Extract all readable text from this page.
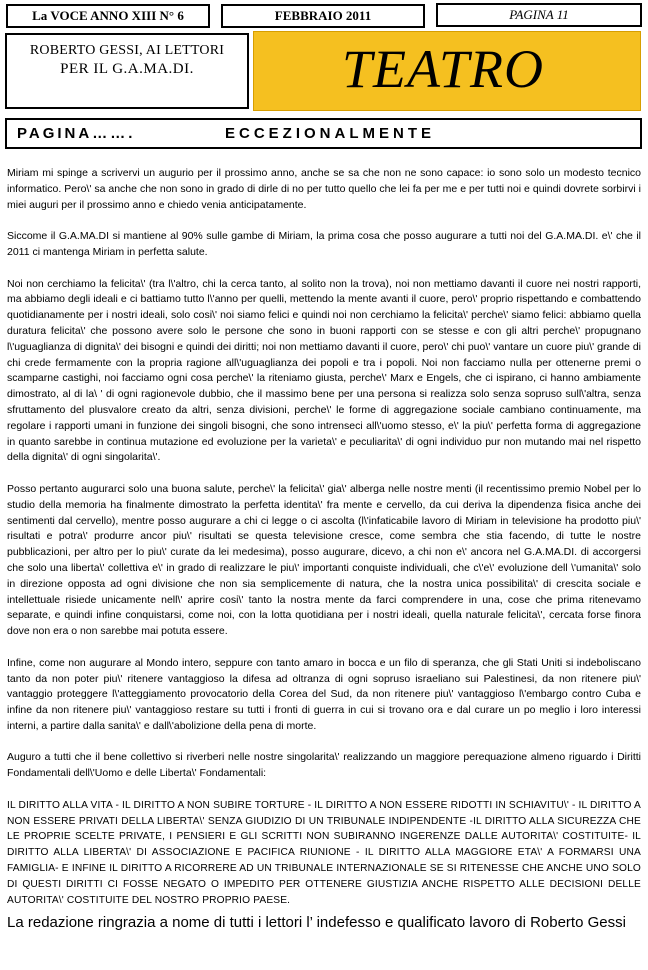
La VOCE ANNO XIII N° 6	FEBBRAIO 2011	PAGINA 11
ROBERTO GESSI, AI LETTORI
PER IL G.A.MA.DI.	TEATRO
PAGINA…….	ECCEZIONALMENTE

Miriam mi spinge a scrivervi un augurio per il prossimo anno, anche se sa che non ne sono capace: io sono solo un modesto tecnico informatico. Pero\' sa anche che non sono in grado di dirle di no per tutto quello che lei fa per me e per tutti noi e quindi dovrete sorbirvi i miei auguri per il prossimo anno e chiedo venia anticipatamente.

Siccome il G.A.MA.DI si mantiene al 90% sulle gambe di Miriam, la prima cosa che posso augurare a tutti noi del G.A.MA.DI. e\' che il 2011 ci mantenga Miriam in perfetta salute.

Noi non cerchiamo la felicita\' (tra l\'altro, chi la cerca tanto, al solito non la trova), noi non mettiamo davanti il cuore nei nostri rapporti, ma abbiamo degli ideali e ci battiamo tutto l\'anno per quelli, mettendo la mente avanti il cuore, pero\' proprio rispettando e combattendo quotidianamente per i nostri ideali, solo cosi\' noi siamo felici e quindi noi non cerchiamo la felicita\' perche\' siamo felici: abbiamo quella duratura felicita\' che possono avere solo le persone che sono in buoni rapporti con se stesse e con gli altri perche\' propugnano l\'uguaglianza di dignita\' dei bisogni e quindi dei diritti; noi non mettiamo davanti il cuore, pero\' chi puo\' vantare un cuore piu\' grande di chi crede fermamente con la propria ragione all\'uguaglianza dei popoli e tra i popoli. Noi non facciamo nulla per ottenerne premi o scamparne castighi, noi facciamo ogni cosa perche\' la riteniamo giusta, perche\' Marx e Engels, che ci ispirano, ci hanno ambiamente dimostrato, al di la\ ' di ogni ragionevole dubbio, che il massimo bene per una persona si realizza solo senza sopruso sull\'altra, senza sfruttamento del plusvalore creato da altri, senza divisioni, perche\' le forme di aggregazione sociale cambiano continuamente, ma regolare i rapporti umani in funzione dei singoli bisogni, che sono intrenseci all\'uomo stesso, e\' la piu\' perfetta forma di aggregazione in quanto sarebbe in continua mutazione ed evoluzione per la varieta\' e peculiarita\' di ogni individuo pur non mutando mai nel rispetto della dignita\' di ogni singolarita\'.

Posso pertanto augurarci solo una buona salute, perche\' la felicita\' gia\' alberga nelle nostre menti (il recentissimo premio Nobel per lo studio della memoria ha finalmente dimostrato la perfetta identita\' fra mente e cervello, da cui deriva la dipendenza fisica anche dei sentimenti dal cervello), mentre posso augurare a chi ci legge o ci ascolta (l\'infaticabile lavoro di Miriam in televisione ha prodotto piu\' risultati e potra\' produrre ancor piu\' risultati se questa televisione cresce, come sembra che stia facendo, di tutte le nostre pubblicazioni, per altro per lo piu\' curate da lei medesima), posso augurare, dicevo, a chi non e\' ancora nel G.A.MA.DI. di accorgersi che solo una liberta\' collettiva e\' in grado di realizzare le piu\' importanti conquiste individuali, che c\'e\' evoluzione dell \'umanita\' solo in direzione opposta ad ogni divisione che non sia semplicemente di natura, che la nostra unica possibilita\' di crescita sociale e intellettuale risiede unicamente nell\' aprire cosi\' tanto la nostra mente da farci comprendere in una, cose che prima ritenevamo separate, e quindi infine conquistarsi, come noi, con la lotta quotidiana per i nostri ideali, quella naturale felicita\', cercata forse finora dove non era o non sarebbe mai potuta essere.

Infine, come non augurare al Mondo intero, seppure con tanto amaro in bocca e un filo di speranza, che gli Stati Uniti si indeboliscano tanto da non poter piu\' ritenere vantaggioso la difesa ad oltranza di ogni sopruso israeliano sui Palestinesi, da non ritenere piu\' vantaggio proteggere l\'atteggiamento provocatorio della Corea del Sud, da non ritenere piu\' vantaggioso l\'embargo contro Cuba e infine da non ritenere piu\' vantaggioso restare su tutti i fronti di guerra in cui si trovano ora e dal curare un po meglio i loro interessi interni, a partire dalla sanita\' e dall\'abolizione della pena di morte.

Auguro a tutti che il bene collettivo si riverberi nelle nostre singolarita\' realizzando un maggiore perequazione almeno riguardo i Diritti Fondamentali dell\'Uomo e delle Liberta\' Fondamentali:

IL DIRITTO ALLA VITA - IL DIRITTO A NON SUBIRE TORTURE - IL DIRITTO A NON ESSERE RIDOTTI IN SCHIAVITU\' - IL DIRITTO A NON ESSERE PRIVATI DELLA LIBERTA\' SENZA GIUDIZIO DI UN TRIBUNALE INDIPENDENTE -IL DIRITTO ALLA SICUREZZA CHE LE PROPRIE SCELTE PRIVATE, I PENSIERI E GLI SCRITTI NON SUBIRANNO INGERENZE DALLE AUTORITA\' COSTITUITE- IL DIRITTO ALLA LIBERTA\' DI ASSOCIAZIONE E PACIFICA RIUNIONE - IL DIRITTO ALLA MAGGIORE ETA\' A FORMARSI UNA FAMIGLIA- E INFINE IL DIRITTO A RICORRERE AD UN TRIBUNALE INTERNAZIONALE SE SI RITENESSE CHE ANCHE UNO SOLO DI QUESTI DIRITTI CI FOSSE NEGATO O IMPEDITO PER OTTENERE GIUSTIZIA ANCHE RISPETTO ALLE DECISIONI DELLE AUTORITA\' COSTITUITE DEL NOSTRO PROPRIO PAESE.

La redazione ringrazia a nome di tutti i lettori l’ indefesso e qualificato lavoro di Roberto Gessi
